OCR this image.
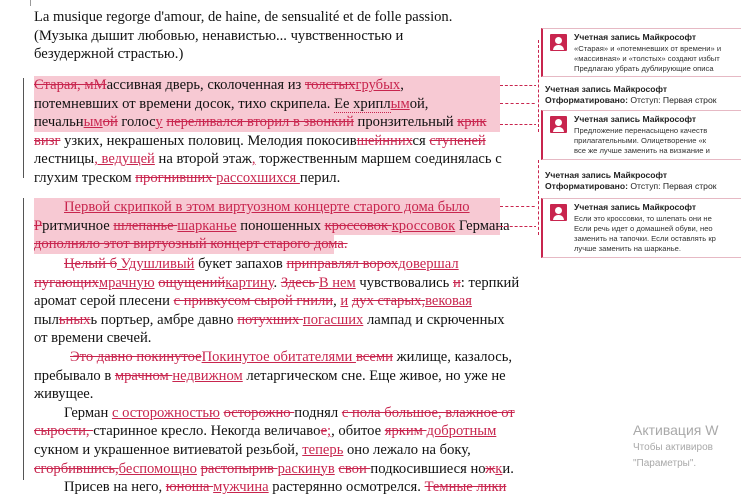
La musique regorge d'amour, de haine, de sensualité et de folle passion.
(Музыка дышит любовью, ненавистью... чувственностью и
безудержной страстью.)
Старая, мМассивная дверь, сколоченная из толстыхгрубых,
потемневших от времени досок, тихо скрипела. Ее хриплымой,
печальнымой голосу переливался вторил в звонкий пронзительный крик
визг узких, некрашеных половиц. Мелодия покосившейннихся ступеней
лестницы, ведущей на второй этаж, торжественным маршем соединялась с
глухим треском прогнивших рассохшихся перил.
Первой скрипкой в этом виртуозном концерте старого дома было
Рритмичное шлепанье шарканье поношенных кроссовок кроссовок Германа
дополняло этот виртуозный концерт старого дома.
Целый б Удушливый букет запахов приправлял ворохдовершал
пугающихмрачную ощущенийкартину. Здесь В нем чувствовались и: терпкий
аромат серой плесени с привкусом сырой гнили, и дух старых,вековая
пыльныхь портьер, амбре давно потухших погасших лампад и скрюченных
от времени свечей.
Это давно покинутоеПокинутое обитателями всеми жилище, казалось,
пребывало в мрачном недвижном летаргическом сне. Еще живое, но уже не
живущее.
Герман с осторожностью осторожно поднял с пола большое, влажное от
сырости, старинное кресло. Некогда величавое;, обитое ярким добротным
сукном и украшенное витиеватой резьбой, теперь оно лежало на боку,
сгорбившись,беспомощно растопырив раскинув свои подкосившиеся ножки.
Присев на него, юноша мужчина растерянно осмотрелся. Темные лики
Учетная запись Майкрософт
«Старая» и «потемневших от времени» и
«массивная» и «толстых» создают избыт
Предлагаю убрать дублирующие описа
Учетная запись Майкрософт
Отформатировано: Отступ: Первая строк
Учетная запись Майкрософт
Предложение перенасыщено качеств
прилагательными. Олицетворение «к
все же лучше заменить на визжание и
Учетная запись Майкрософт
Отформатировано: Отступ: Первая строк
Учетная запись Майкрософт
Если это кроссовки, то шлепать они не
Если речь идет о домашней обуви, нео
заменить на тапочки. Если оставлять кр
лучше заменить на шарканье.
Активация W
Чтобы активиров
"Параметры".
